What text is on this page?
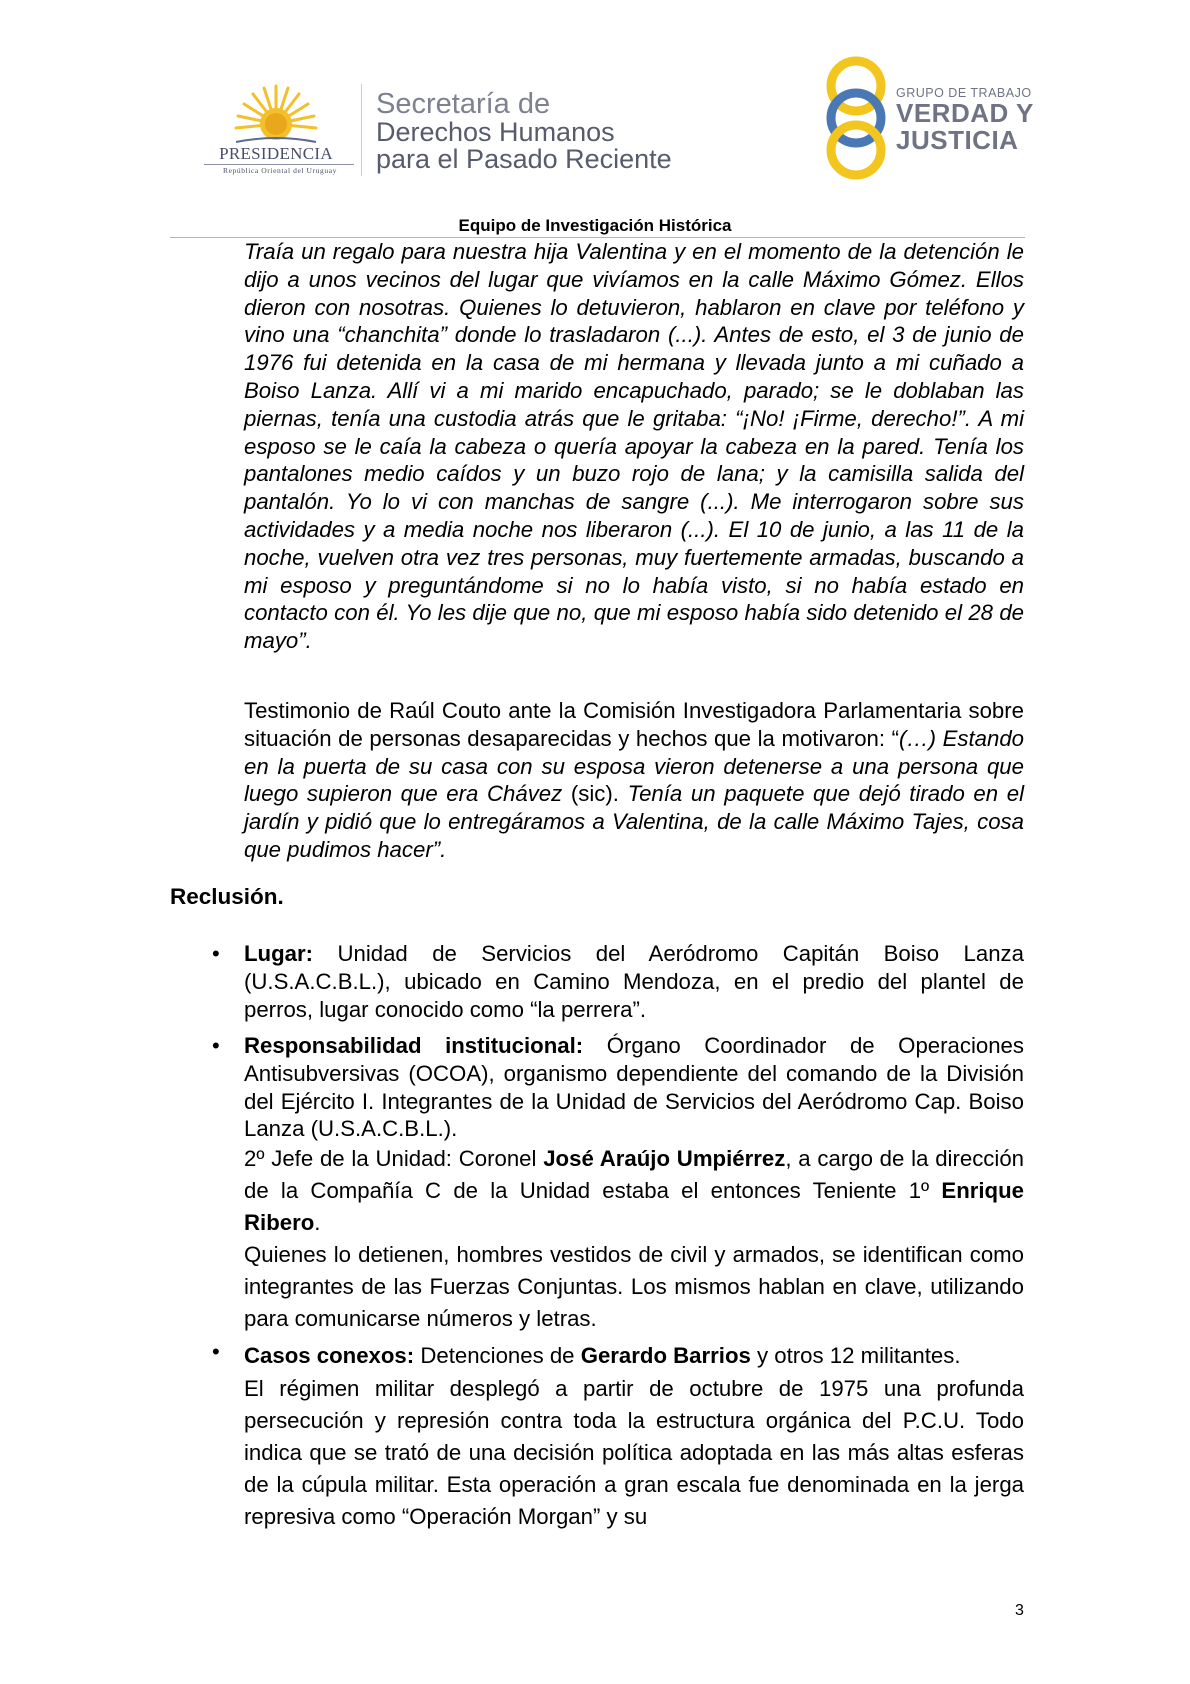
PRESIDENCIA
República Oriental del Uruguay
Secretaría de
Derechos Humanos
para el Pasado Reciente
GRUPO DE TRABAJO
VERDAD Y
JUSTICIA
Equipo de Investigación Histórica
Traía un regalo para nuestra hija Valentina y en el momento de la detención le dijo a unos vecinos del lugar que vivíamos en la calle Máximo Gómez. Ellos dieron con nosotras. Quienes lo detuvieron, hablaron en clave por teléfono y vino una “chanchita” donde lo trasladaron (...). Antes de esto, el 3 de junio de 1976 fui detenida en la casa de mi hermana y llevada junto a mi cuñado a Boiso Lanza. Allí vi a mi marido encapuchado, parado; se le doblaban las piernas, tenía una custodia atrás que le gritaba: “¡No! ¡Firme, derecho!”. A mi esposo se le caía la cabeza o quería apoyar la cabeza en la pared. Tenía los pantalones medio caídos y un buzo rojo de lana; y la camisilla salida del pantalón. Yo lo vi con manchas de sangre (...). Me interrogaron sobre sus actividades y a media noche nos liberaron (...). El 10 de junio, a las 11 de la noche, vuelven otra vez tres personas, muy fuertemente armadas, buscando a mi esposo y preguntándome si no lo había visto, si no había estado en contacto con él. Yo les dije que no, que mi esposo había sido detenido el 28 de mayo”.
Testimonio de Raúl Couto ante la Comisión Investigadora Parlamentaria sobre situación de personas desaparecidas y hechos que la motivaron: “(…) Estando en la puerta de su casa con su esposa vieron detenerse a una persona que luego supieron que era Chávez (sic). Tenía un paquete que dejó tirado en el jardín y pidió que lo entregáramos a Valentina, de la calle Máximo Tajes, cosa que pudimos hacer”.
Reclusión.
• Lugar: Unidad de Servicios del Aeródromo Capitán Boiso Lanza (U.S.A.C.B.L.), ubicado en Camino Mendoza, en el predio del plantel de perros, lugar conocido como “la perrera”.
• Responsabilidad institucional: Órgano Coordinador de Operaciones Antisubversivas (OCOA), organismo dependiente del comando de la División del Ejército I. Integrantes de la Unidad de Servicios del Aeródromo Cap. Boiso Lanza (U.S.A.C.B.L.).
2º Jefe de la Unidad: Coronel José Araújo Umpiérrez, a cargo de la dirección de la Compañía C de la Unidad estaba el entonces Teniente 1º Enrique Ribero.
Quienes lo detienen, hombres vestidos de civil y armados, se identifican como integrantes de las Fuerzas Conjuntas. Los mismos hablan en clave, utilizando para comunicarse números y letras.
• Casos conexos: Detenciones de Gerardo Barrios y otros 12 militantes.
El régimen militar desplegó a partir de octubre de 1975 una profunda persecución y represión contra toda la estructura orgánica del P.C.U. Todo indica que se trató de una decisión política adoptada en las más altas esferas de la cúpula militar. Esta operación a gran escala fue denominada en la jerga represiva como “Operación Morgan” y su
3
